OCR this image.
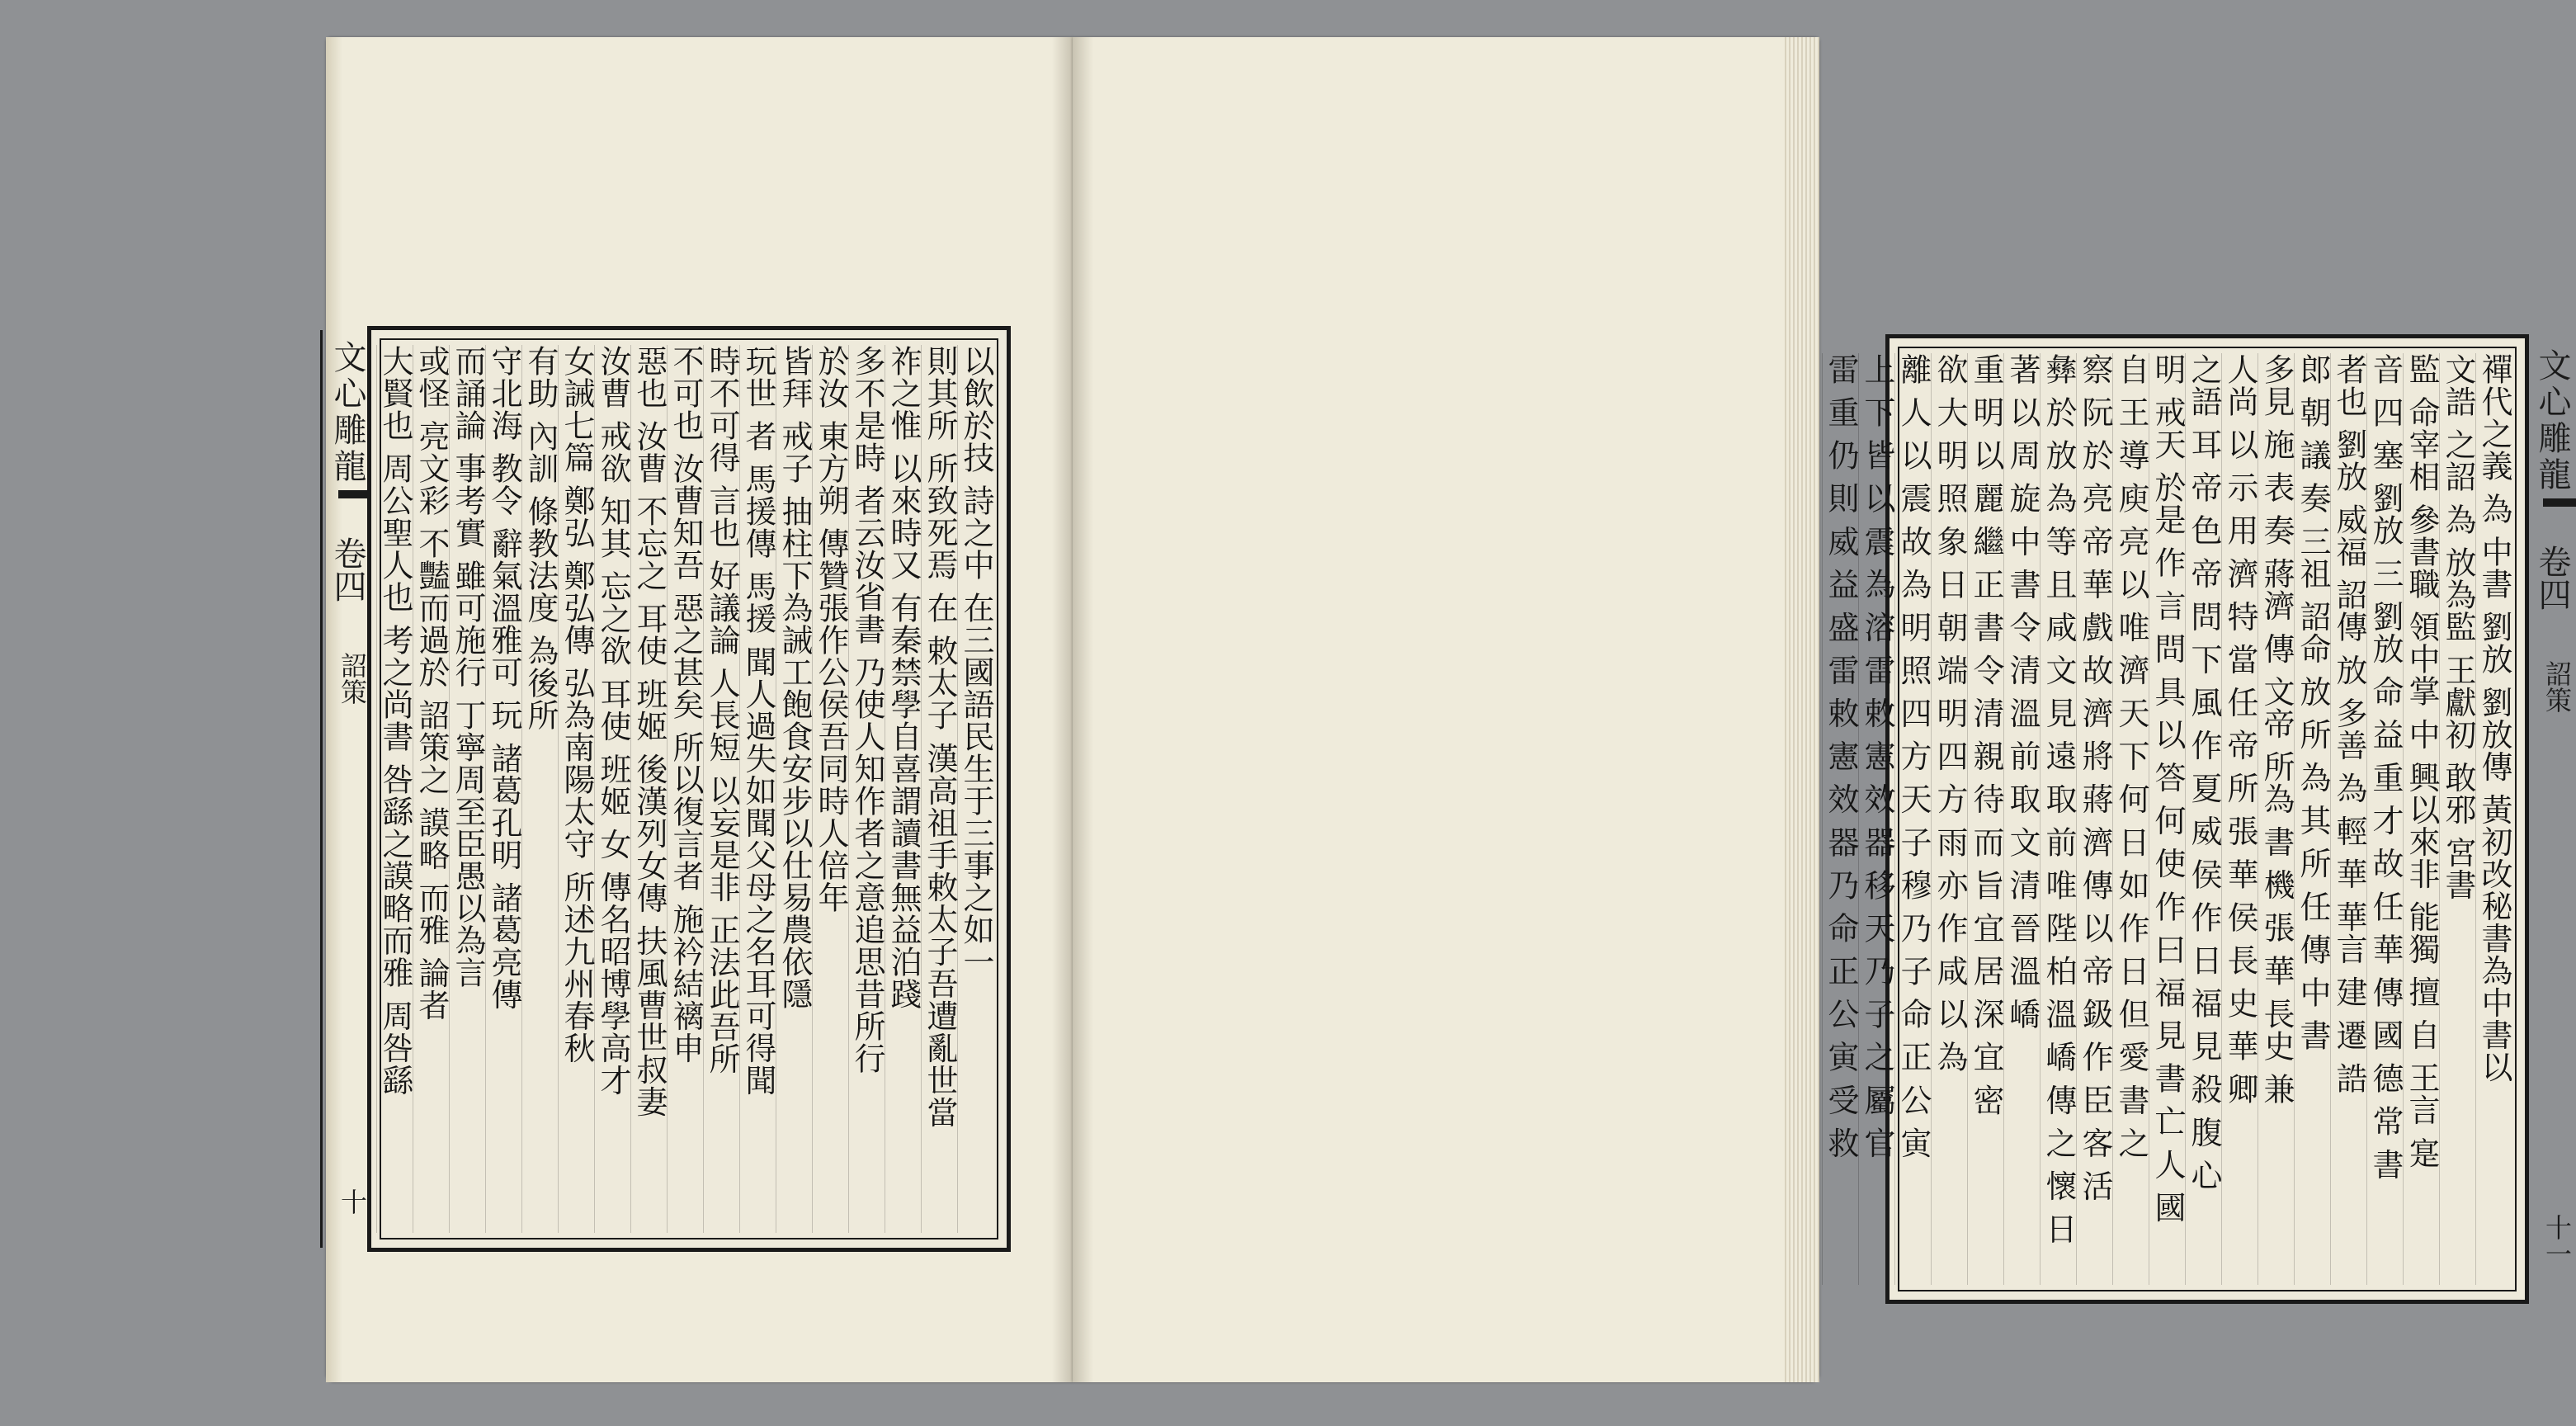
文心雕龍
卷四
詔策
十
以飲於技 詩之中 在三國語民生于三事之如一
則其所 所致死焉 在 敕太子 漢高祖手敕太子吾遭亂世當
祚之惟 以來時又 有秦禁學自喜謂讀書無益泊踐
多不是時 者云汝省書 乃使人知作者之意追思昔所行
於汝 東方朔 傳贊張作公侯吾同時人倍年
皆拜 戒子 抽柱下為誡工飽食安步以仕易農依隱
玩世 者 馬援傳 馬援 聞人過失如聞父母之名耳可得聞
時不可得 言也 好議論 人長短 以妄是非 正法此吾所
不可也 汝曹知吾 惡之甚矣 所以復言者 施衿結褵申
惡也 汝曹 不忘之 耳使 班姬 後漢列女傳 扶風曹世叔妻
汝曹 戒欲 知其 忘之欲 耳使 班姬 女 傳名昭博學高才
女誡七篇 鄭弘 鄭弘傳 弘為南陽太守 所述九州春秋
有助 內訓 條教法度 為後所
守北海 教令 辭氣溫雅可 玩 諸葛孔明 諸葛亮傳
而誦論 事考實 雖可施行 丁寧周至臣愚以為言
或怪 亮文彩 不豔而過於 詔策之 謨略 而雅 論者
大賢也 周公聖人也 考之尚書 咎繇之謨略而雅 周咎繇	文心雕龍
卷四
詔策
十一
禪代之義 為 中書 劉放 劉放傳 黃初改秘書為中書以
文誥 之詔 為 放為監 王獻初 敢邪 宮書
監 命宰相 參書職 領中掌 中 興以來非 能獨 擅 自 王言 寔
音 四 塞 劉放 三 劉放 命 益 重 才 故 任 華 傳 國 德 常 書
者也 劉放 威福 詔傳 放 多善 為 輕 華 華言 建 遷 誥
郎 朝 議 奏 三祖 詔命 放 所 為 其 所 任 傳 中 書
多見 施 表 奏 蔣濟 傳 文帝 所為 書 機 張 華 長史 兼
人尚 以 示 用 濟 特 當 任 帝 所 張 華 侯 長 史 華 卿
之語 耳 帝 色 帝 問 下 風 作 夏 威 侯 作 日 福 見 殺 腹 心
明 戒天 於是 作 言 問 具 以 答 何 使 作 曰 福 見 書 亡 人 國
自 王 導 庾 亮 以 唯 濟 天 下 何 日 如 作 日 但 愛 書 之
察 阮 於 亮 帝 華 戲 故 濟 將 蔣 濟 傳 以 帝 鈒 作 臣 客 活
彝 於 放 為 等 且 咸 文 見 遠 取 前 唯 陛 柏 溫 嶠 傳 之 懷 日
著 以 周 旋 中 書 令 清 溫 前 取 文 清 晉 溫 嶠
重 明 以 麗 繼 正 書 令 清 親 待 而 旨 宜 居 深 宜 密
欲 大 明 照 象 日 朝 端 明 四 方 雨 亦 作 咸 以 為
離 人 以 震 故 為 明 照 四 方 天 子 穆 乃 子 命 正 公 寅
上 下 皆 以 震 為 溶 雷 敕 憲 效 器 移 天 乃 子 之 屬 官
雷 重 仍 則 威 益 盛 雷 敕 憲 效 器 乃 命 正 公 寅 受 救
